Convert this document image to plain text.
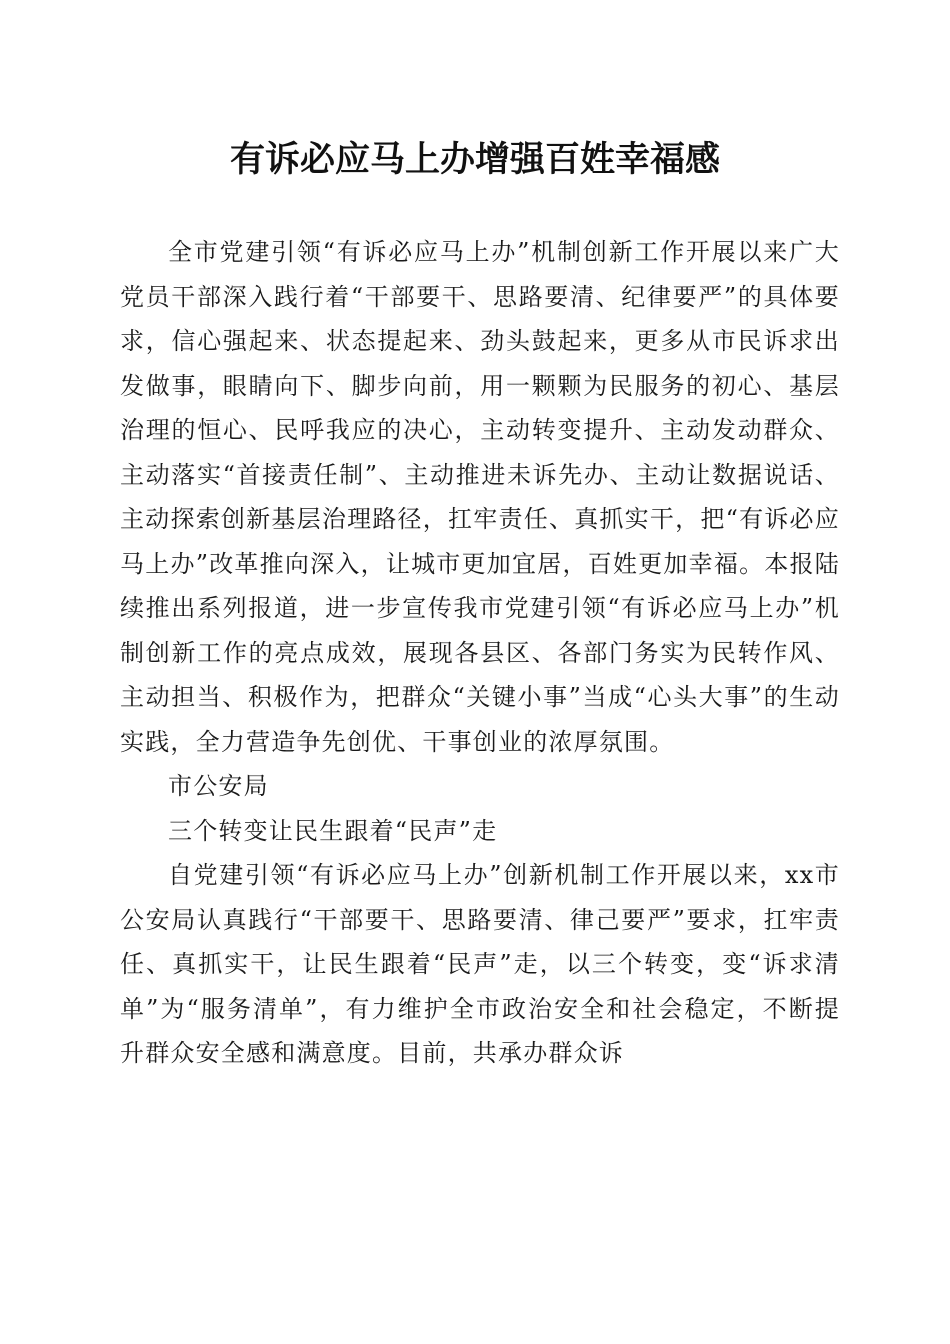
有诉必应马上办增强百姓幸福感

全市党建引领“有诉必应马上办”机制创新工作开展以来广大党员干部深入践行着“干部要干、思路要清、纪律要严”的具体要求，信心强起来、状态提起来、劲头鼓起来，更多从市民诉求出发做事，眼睛向下、脚步向前，用一颗颗为民服务的初心、基层治理的恒心、民呼我应的决心，主动转变提升、主动发动群众、主动落实“首接责任制”、主动推进未诉先办、主动让数据说话、主动探索创新基层治理路径，扛牢责任、真抓实干，把“有诉必应马上办”改革推向深入，让城市更加宜居，百姓更加幸福。本报陆续推出系列报道，进一步宣传我市党建引领“有诉必应马上办”机制创新工作的亮点成效，展现各县区、各部门务实为民转作风、主动担当、积极作为，把群众“关键小事”当成“心头大事”的生动实践，全力营造争先创优、干事创业的浓厚氛围。

市公安局

三个转变让民生跟着“民声”走

自党建引领“有诉必应马上办”创新机制工作开展以来，xx市公安局认真践行“干部要干、思路要清、律己要严”要求，扛牢责任、真抓实干，让民生跟着“民声”走，以三个转变，变“诉求清单”为“服务清单”，有力维护全市政治安全和社会稳定，不断提升群众安全感和满意度。目前，共承办群众诉
